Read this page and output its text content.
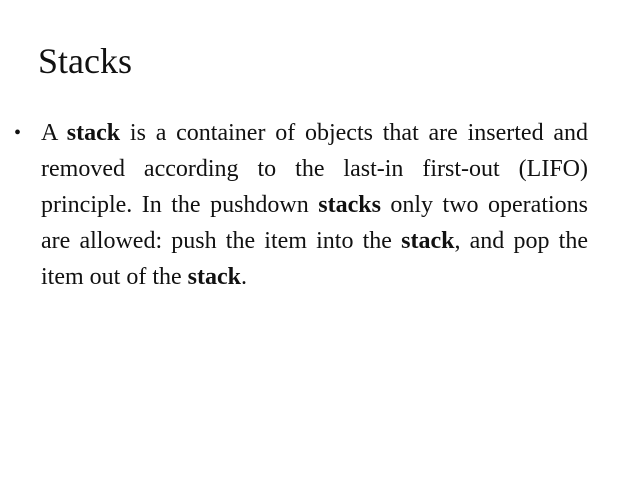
Stacks
• A stack is a container of objects that are inserted and removed according to the last-in first-out (LIFO) principle. In the pushdown stacks only two operations are allowed: push the item into the stack, and pop the item out of the stack.
